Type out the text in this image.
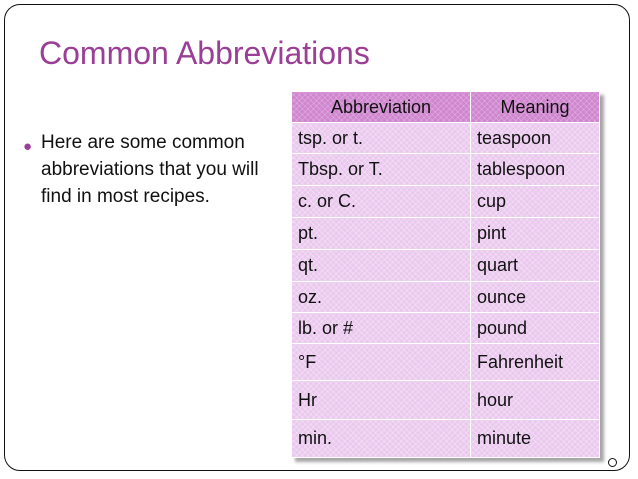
Common Abbreviations
● Here are some common abbreviations that you will find in most recipes.
Abbreviation	Meaning
tsp. or t.	teaspoon
Tbsp. or T.	tablespoon
c. or C.	cup
pt.	pint
qt.	quart
oz.	ounce
lb. or #	pound
°F	Fahrenheit
Hr	hour
min.	minute
